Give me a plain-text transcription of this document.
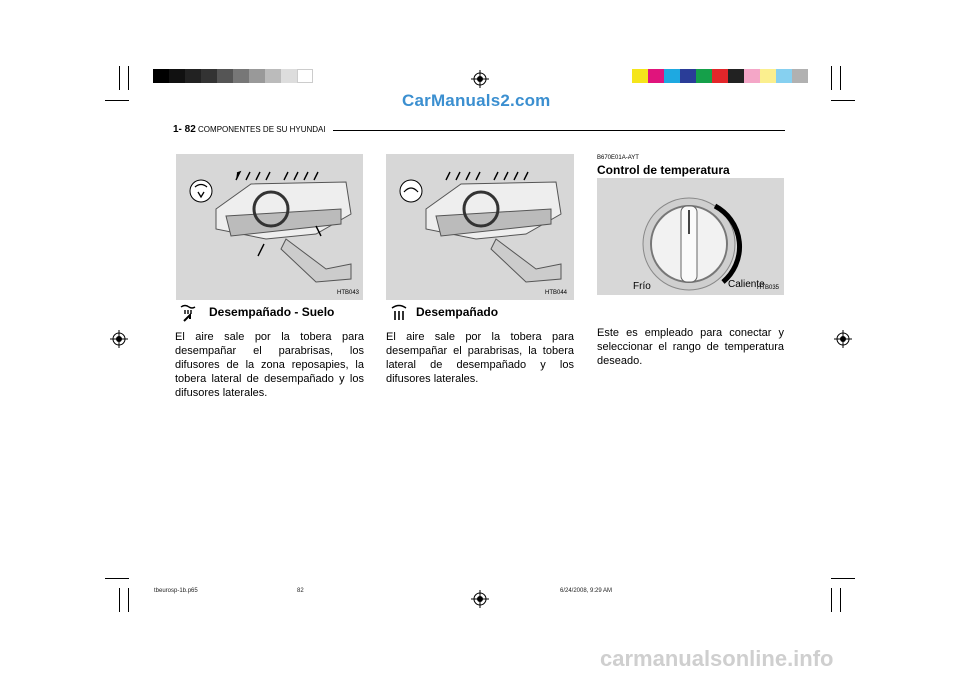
CarManuals2.com
1- 82 COMPONENTES DE SU HYUNDAI
HTB043
Desempañado - Suelo
El aire sale por la tobera para desempañar el parabrisas, los difusores de la zona reposapies, la tobera lateral de desempañado y los difusores laterales.
HTB044
Desempañado
El aire sale por la tobera para desempañar el parabrisas, la tobera lateral de desempañado y los difusores laterales.
B670E01A-AYT
Control de temperatura
Frío	Caliente
HTB035
Este es empleado para conectar y seleccionar el rango de temperatura deseado.
tbeurosp-1b.p65	82	6/24/2008, 9:29 AM
carmanualsonline.info
